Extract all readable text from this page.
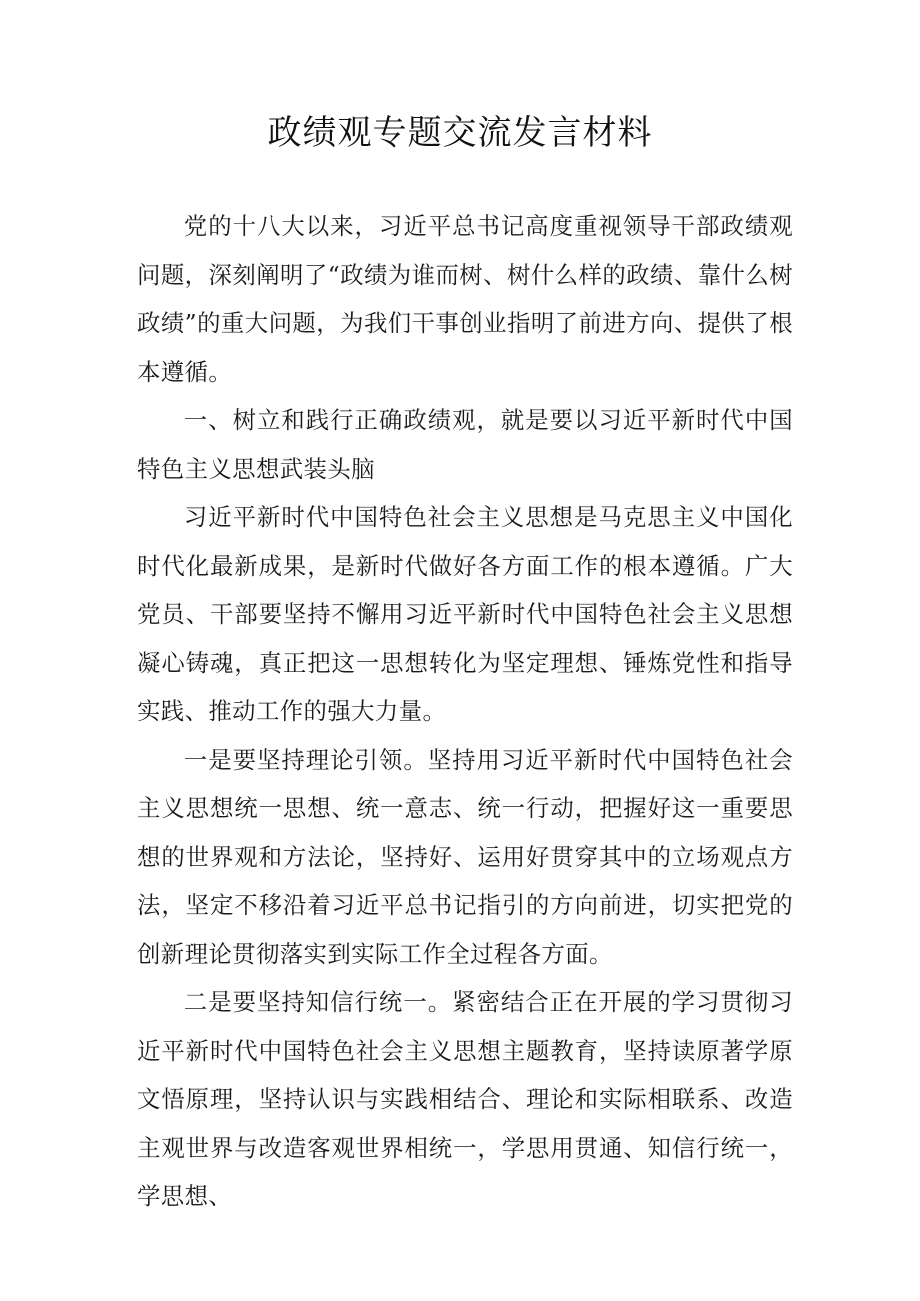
政绩观专题交流发言材料

党的十八大以来，习近平总书记高度重视领导干部政绩观问题，深刻阐明了“政绩为谁而树、树什么样的政绩、靠什么树政绩”的重大问题，为我们干事创业指明了前进方向、提供了根本遵循。

一、树立和践行正确政绩观，就是要以习近平新时代中国特色主义思想武装头脑

习近平新时代中国特色社会主义思想是马克思主义中国化时代化最新成果，是新时代做好各方面工作的根本遵循。广大党员、干部要坚持不懈用习近平新时代中国特色社会主义思想凝心铸魂，真正把这一思想转化为坚定理想、锤炼党性和指导实践、推动工作的强大力量。

一是要坚持理论引领。坚持用习近平新时代中国特色社会主义思想统一思想、统一意志、统一行动，把握好这一重要思想的世界观和方法论，坚持好、运用好贯穿其中的立场观点方法，坚定不移沿着习近平总书记指引的方向前进，切实把党的创新理论贯彻落实到实际工作全过程各方面。

二是要坚持知信行统一。紧密结合正在开展的学习贯彻习近平新时代中国特色社会主义思想主题教育，坚持读原著学原文悟原理，坚持认识与实践相结合、理论和实际相联系、改造主观世界与改造客观世界相统一，学思用贯通、知信行统一，学思想、
